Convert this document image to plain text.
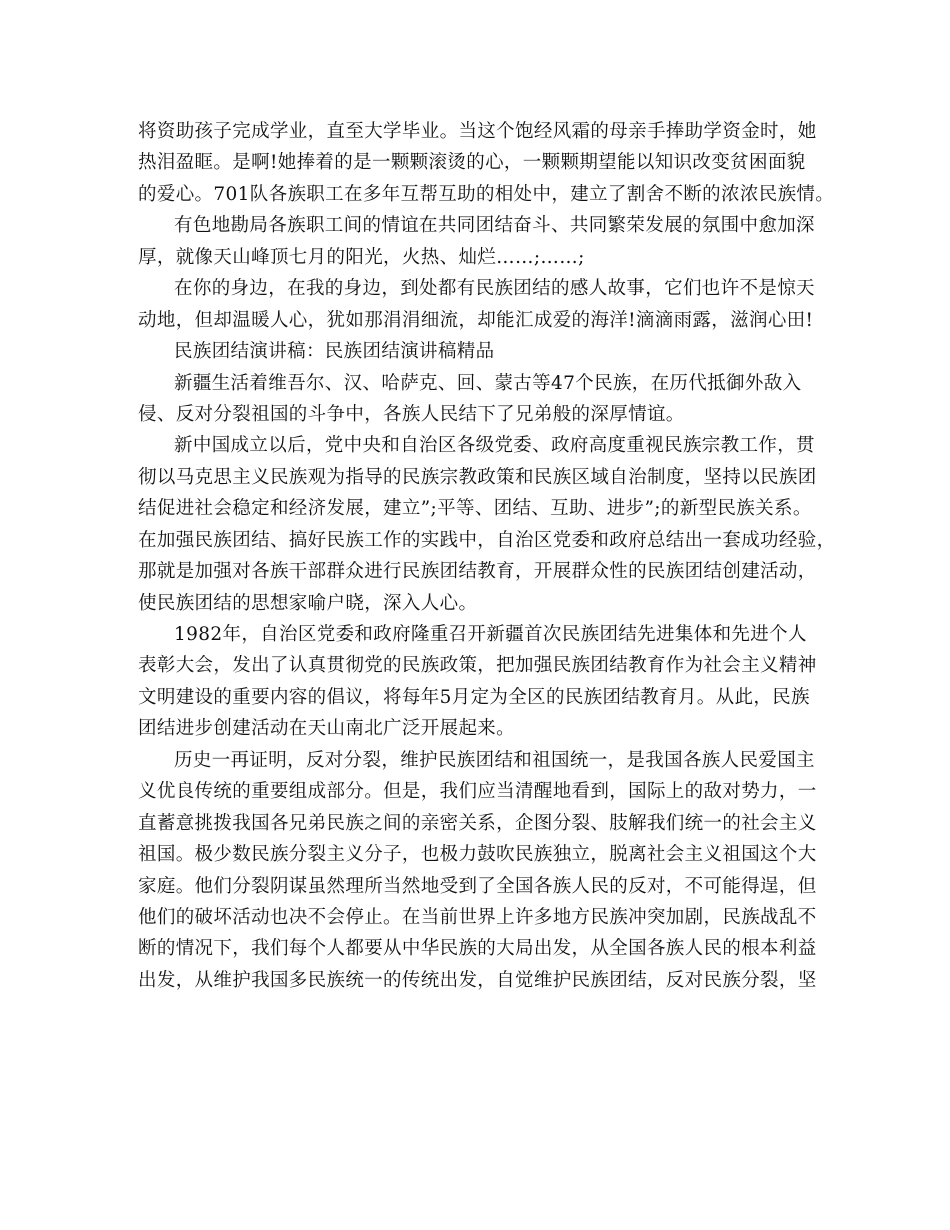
将资助孩子完成学业，直至大学毕业。当这个饱经风霜的母亲手捧助学资金时，她
热泪盈眶。是啊!她捧着的是一颗颗滚烫的心，一颗颗期望能以知识改变贫困面貌
的爱心。701队各族职工在多年互帮互助的相处中，建立了割舍不断的浓浓民族情。
有色地勘局各族职工间的情谊在共同团结奋斗、共同繁荣发展的氛围中愈加深
厚，就像天山峰顶七月的阳光，火热、灿烂……;……;
在你的身边，在我的身边，到处都有民族团结的感人故事，它们也许不是惊天
动地，但却温暖人心，犹如那涓涓细流，却能汇成爱的海洋!滴滴雨露，滋润心田!
民族团结演讲稿：民族团结演讲稿精品
新疆生活着维吾尔、汉、哈萨克、回、蒙古等47个民族，在历代抵御外敌入
侵、反对分裂祖国的斗争中，各族人民结下了兄弟般的深厚情谊。
新中国成立以后，党中央和自治区各级党委、政府高度重视民族宗教工作，贯
彻以马克思主义民族观为指导的民族宗教政策和民族区域自治制度，坚持以民族团
结促进社会稳定和经济发展，建立”;平等、团结、互助、进步”;的新型民族关系。
在加强民族团结、搞好民族工作的实践中，自治区党委和政府总结出一套成功经验，
那就是加强对各族干部群众进行民族团结教育，开展群众性的民族团结创建活动，
使民族团结的思想家喻户晓，深入人心。
1982年，自治区党委和政府隆重召开新疆首次民族团结先进集体和先进个人
表彰大会，发出了认真贯彻党的民族政策，把加强民族团结教育作为社会主义精神
文明建设的重要内容的倡议，将每年5月定为全区的民族团结教育月。从此，民族
团结进步创建活动在天山南北广泛开展起来。
历史一再证明，反对分裂，维护民族团结和祖国统一，是我国各族人民爱国主
义优良传统的重要组成部分。但是，我们应当清醒地看到，国际上的敌对势力，一
直蓄意挑拨我国各兄弟民族之间的亲密关系，企图分裂、肢解我们统一的社会主义
祖国。极少数民族分裂主义分子，也极力鼓吹民族独立，脱离社会主义祖国这个大
家庭。他们分裂阴谋虽然理所当然地受到了全国各族人民的反对，不可能得逞，但
他们的破坏活动也决不会停止。在当前世界上许多地方民族冲突加剧，民族战乱不
断的情况下，我们每个人都要从中华民族的大局出发，从全国各族人民的根本利益
出发，从维护我国多民族统一的传统出发，自觉维护民族团结，反对民族分裂，坚
